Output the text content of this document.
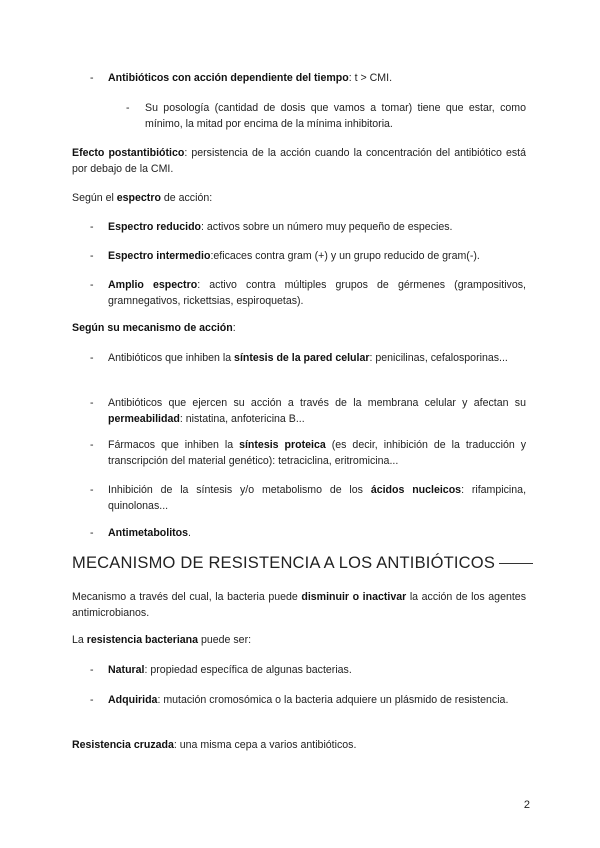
-	Antibióticos con acción dependiente del tiempo: t > CMI.
-	Su posología (cantidad de dosis que vamos a tomar) tiene que estar, como mínimo, la mitad por encima de la mínima inhibitoria.
Efecto postantibiótico: persistencia de la acción cuando la concentración del antibiótico está por debajo de la CMI.
Según el espectro de acción:
-	Espectro reducido: activos sobre un número muy pequeño de especies.
-	Espectro intermedio:eficaces contra gram (+) y un grupo reducido de gram(-).
-	Amplio espectro: activo contra múltiples grupos de gérmenes (grampositivos, gramnegativos, rickettsias, espiroquetas).
Según su mecanismo de acción:
-	Antibióticos que inhiben la síntesis de la pared celular: penicilinas, cefalosporinas...
-	Antibióticos que ejercen su acción a través de la membrana celular y afectan su permeabilidad: nistatina, anfotericina B...
-	Fármacos que inhiben la síntesis proteica (es decir, inhibición de la traducción y transcripción del material genético): tetraciclina, eritromicina...
-	Inhibición de la síntesis y/o metabolismo de los ácidos nucleicos: rifampicina, quinolonas...
-	Antimetabolitos.
MECANISMO DE RESISTENCIA A LOS ANTIBIÓTICOS
Mecanismo a través del cual, la bacteria puede disminuir o inactivar la acción de los agentes antimicrobianos.
La resistencia bacteriana puede ser:
-	Natural: propiedad específica de algunas bacterias.
-	Adquirida: mutación cromosómica o la bacteria adquiere un plásmido de resistencia.
Resistencia cruzada: una misma cepa a varios antibióticos.
2
